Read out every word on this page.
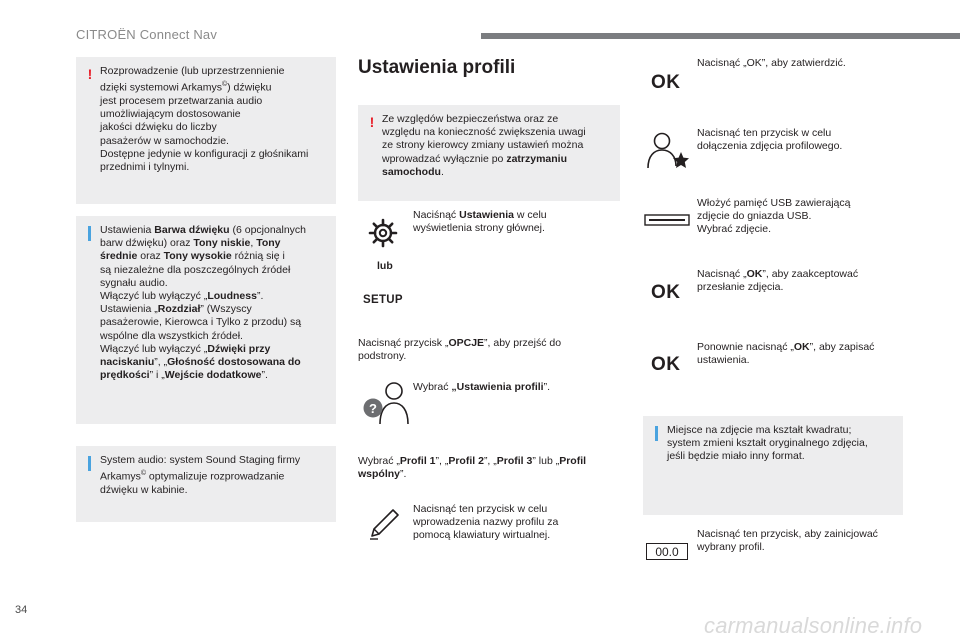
CITROËN Connect Nav
! Rozprowadzenie (lub uprzestrzennienie

dzięki systemowi Arkamys©) dźwięku

jest procesem przetwarzania audio

umożliwiającym dostosowanie

jakości dźwięku do liczby

pasażerów w samochodzie.

Dostępne jedynie w konfiguracji z głośnikami

przednimi i tylnymi.

Ustawienia Barwa dźwięku (6 opcjonalnych

barw dźwięku) oraz Tony niskie, Tony

średnie oraz Tony wysokie różnią się i

są niezależne dla poszczególnych źródeł

sygnału audio.

Włączyć lub wyłączyć „Loudness”.

Ustawienia „Rozdział” (Wszyscy

pasażerowie, Kierowca i Tylko z przodu) są

wspólne dla wszystkich źródeł.

Włączyć lub wyłączyć „Dźwięki przy

naciskaniu”, „Głośność dostosowana do

prędkości” i „Wejście dodatkowe”.

System audio: system Sound Staging firmy

Arkamys© optymalizuje rozprowadzanie

dźwięku w kabinie.

Ustawienia profili
! Ze względów bezpieczeństwa oraz ze

względu na konieczność zwiększenia uwagi

ze strony kierowcy zmiany ustawień można

wprowadzać wyłącznie po zatrzymaniu

samochodu.

Naciśnąć Ustawienia w celu

wyświetlenia strony głównej.

lub
SETUP

Nacisnąć przycisk „OPCJE”, aby przejść do

podstrony.

?

Wybrać „Ustawienia profili”.

Wybrać „Profil 1”, „Profil 2”, „Profil 3” lub „Profil

wspólny”.

Nacisnąć ten przycisk w celu

wprowadzenia nazwy profilu za

pomocą klawiatury wirtualnej.

OK
Nacisnąć „OK”, aby zatwierdzić.

Nacisnąć ten przycisk w celu

dołączenia zdjęcia profilowego.

Włożyć pamięć USB zawierającą

zdjęcie do gniazda USB.

Wybrać zdjęcie.

OK

Nacisnąć „OK”, aby zaakceptować

przesłanie zdjęcia.

OK

Ponownie nacisnąć „OK”, aby zapisać

ustawienia.

Miejsce na zdjęcie ma kształt kwadratu;

system zmieni kształt oryginalnego zdjęcia,

jeśli będzie miało inny format.

00.0

Nacisnąć ten przycisk, aby zainicjować

wybrany profil.

34
carmanualsonline.info
